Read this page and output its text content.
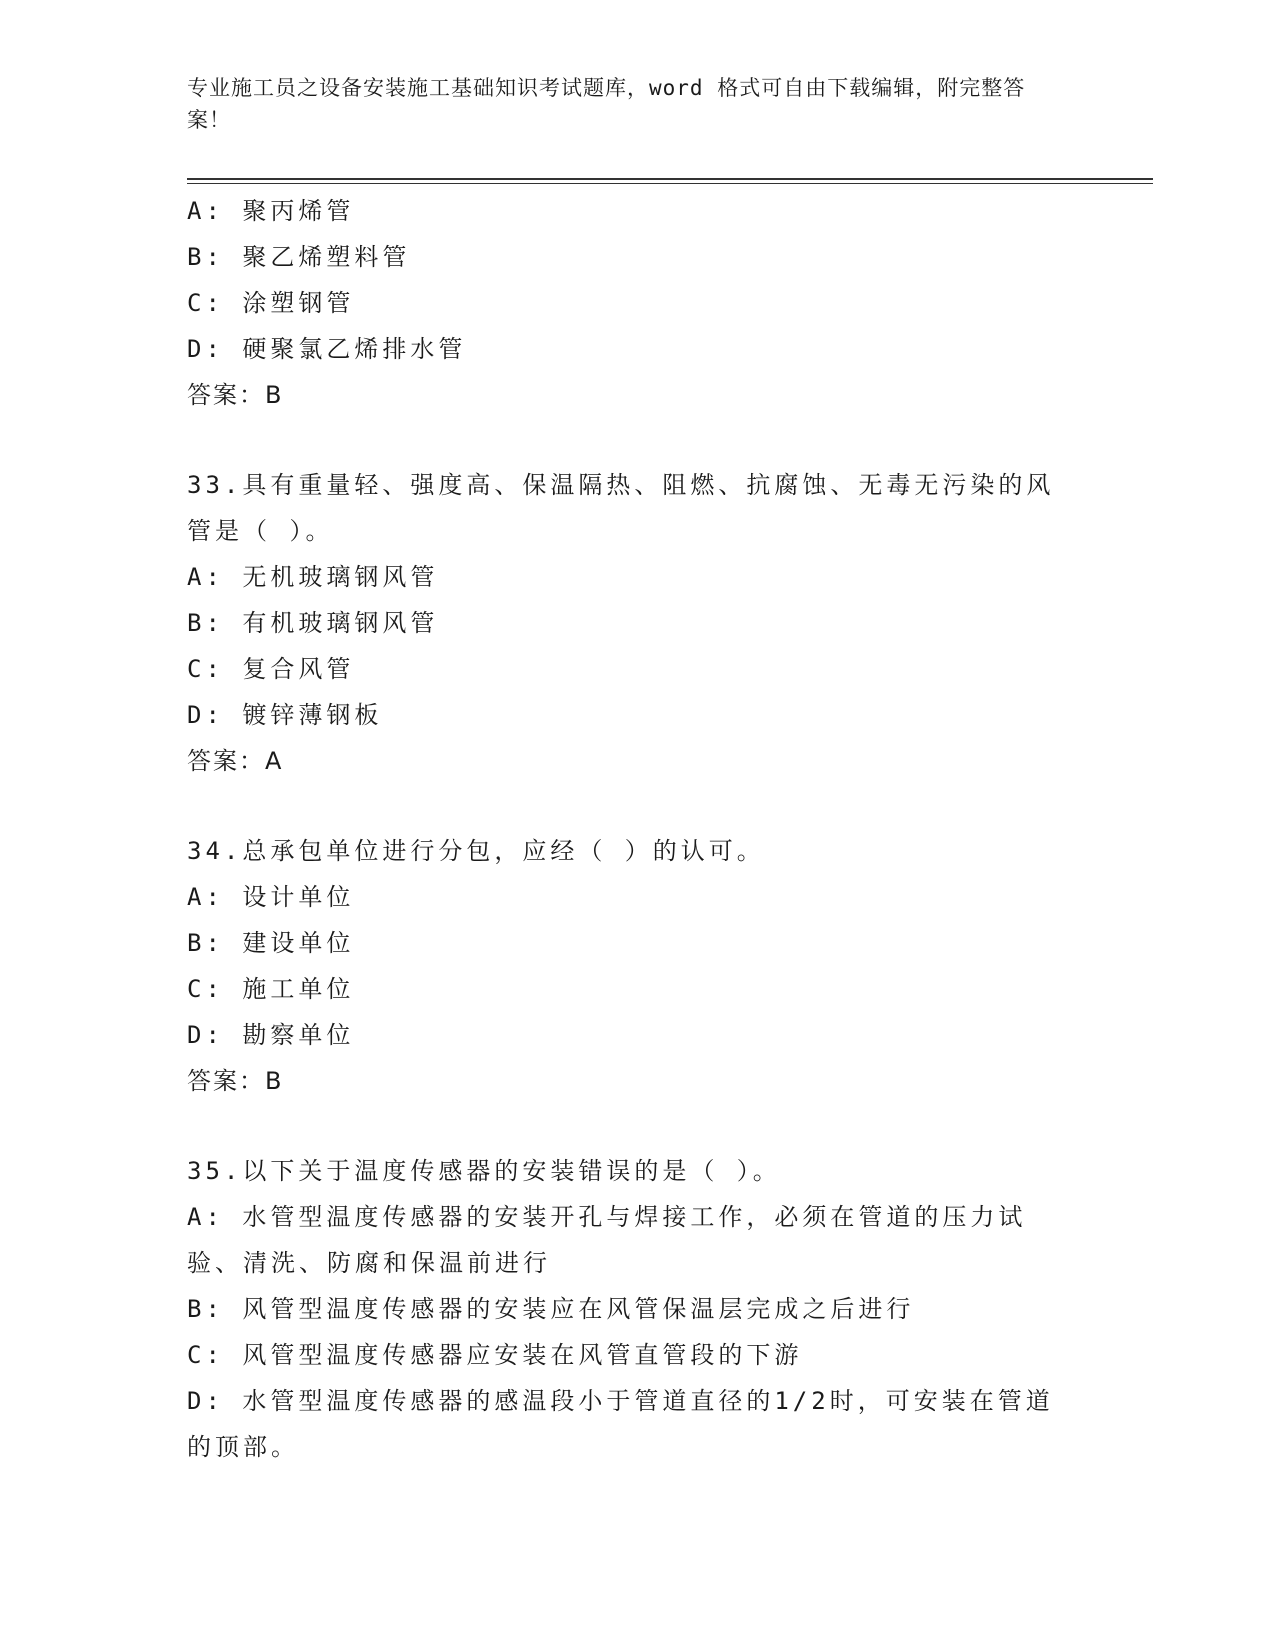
专业施工员之设备安装施工基础知识考试题库，word 格式可自由下载编辑，附完整答案！
A: 聚丙烯管
B: 聚乙烯塑料管
C: 涂塑钢管
D: 硬聚氯乙烯排水管
答案：B
33.具有重量轻、强度高、保温隔热、阻燃、抗腐蚀、无毒无污染的风管是（ ）。
A: 无机玻璃钢风管
B: 有机玻璃钢风管
C: 复合风管
D: 镀锌薄钢板
答案：A
34.总承包单位进行分包，应经（ ）的认可。
A: 设计单位
B: 建设单位
C: 施工单位
D: 勘察单位
答案：B
35.以下关于温度传感器的安装错误的是（ ）。
A: 水管型温度传感器的安装开孔与焊接工作，必须在管道的压力试验、清洗、防腐和保温前进行
B: 风管型温度传感器的安装应在风管保温层完成之后进行
C: 风管型温度传感器应安装在风管直管段的下游
D: 水管型温度传感器的感温段小于管道直径的1/2时，可安装在管道的顶部。
